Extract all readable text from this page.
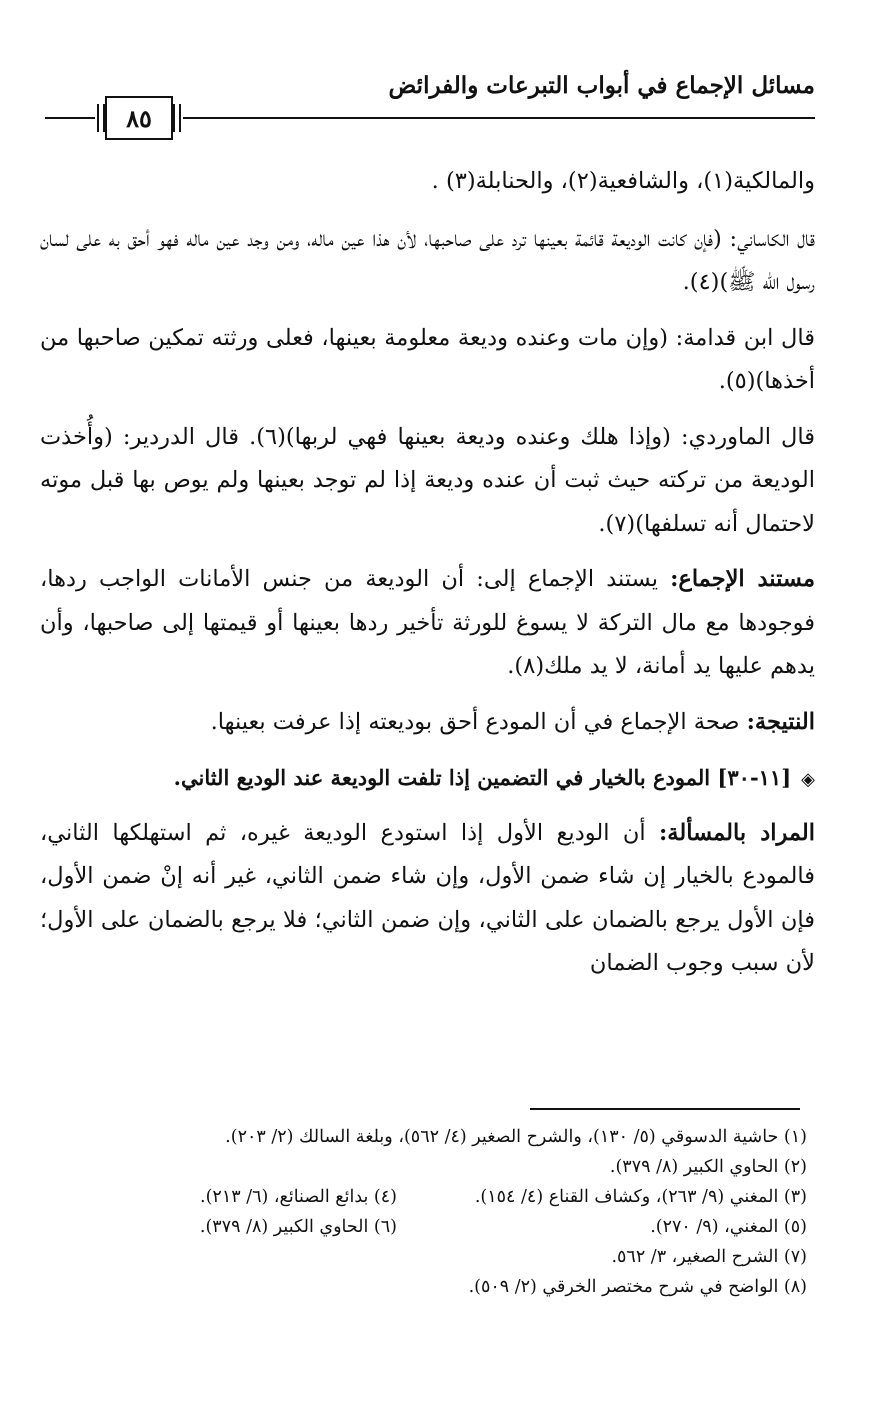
مسائل الإجماع في أبواب التبرعات والفرائض
٨٥

والمالكية(١)، والشافعية(٢)، والحنابلة(٣) .

قال الكاساني: (فإن كانت الوديعة قائمة بعينها ترد على صاحبها، لأن هذا عين ماله، ومن وجد عين ماله فهو أحق به على لسان رسول الله ﷺ)(٤).

قال ابن قدامة: (وإن مات وعنده وديعة معلومة بعينها، فعلى ورثته تمكين صاحبها من أخذها)(٥).

قال الماوردي: (وإذا هلك وعنده وديعة بعينها فهي لربها)(٦). قال الدردير: (وأُخذت الوديعة من تركته حيث ثبت أن عنده وديعة إذا لم توجد بعينها ولم يوص بها قبل موته لاحتمال أنه تسلفها)(٧).

مستند الإجماع: يستند الإجماع إلى: أن الوديعة من جنس الأمانات الواجب ردها، فوجودها مع مال التركة لا يسوغ للورثة تأخير ردها بعينها أو قيمتها إلى صاحبها، وأن يدهم عليها يد أمانة، لا يد ملك(٨).

النتيجة: صحة الإجماع في أن المودع أحق بوديعته إذا عرفت بعينها.

◈[١١-٣٠] المودع بالخيار في التضمين إذا تلفت الوديعة عند الوديع الثاني.

المراد بالمسألة: أن الوديع الأول إذا استودع الوديعة غيره، ثم استهلكها الثاني، فالمودع بالخيار إن شاء ضمن الأول، وإن شاء ضمن الثاني، غير أنه إنْ ضمن الأول، فإن الأول يرجع بالضمان على الثاني، وإن ضمن الثاني؛ فلا يرجع بالضمان على الأول؛ لأن سبب وجوب الضمان

(١) حاشية الدسوقي (٥/ ١٣٠)، والشرح الصغير (٤/ ٥٦٢)، وبلغة السالك (٢/ ٢٠٣).
(٢) الحاوي الكبير (٨/ ٣٧٩).
(٣) المغني (٩/ ٢٦٣)، وكشاف القناع (٤/ ١٥٤).
(٤) بدائع الصنائع، (٦/ ٢١٣).
(٥) المغني، (٩/ ٢٧٠).
(٦) الحاوي الكبير (٨/ ٣٧٩).
(٧) الشرح الصغير، ٣/ ٥٦٢.
(٨) الواضح في شرح مختصر الخرقي (٢/ ٥٠٩).
